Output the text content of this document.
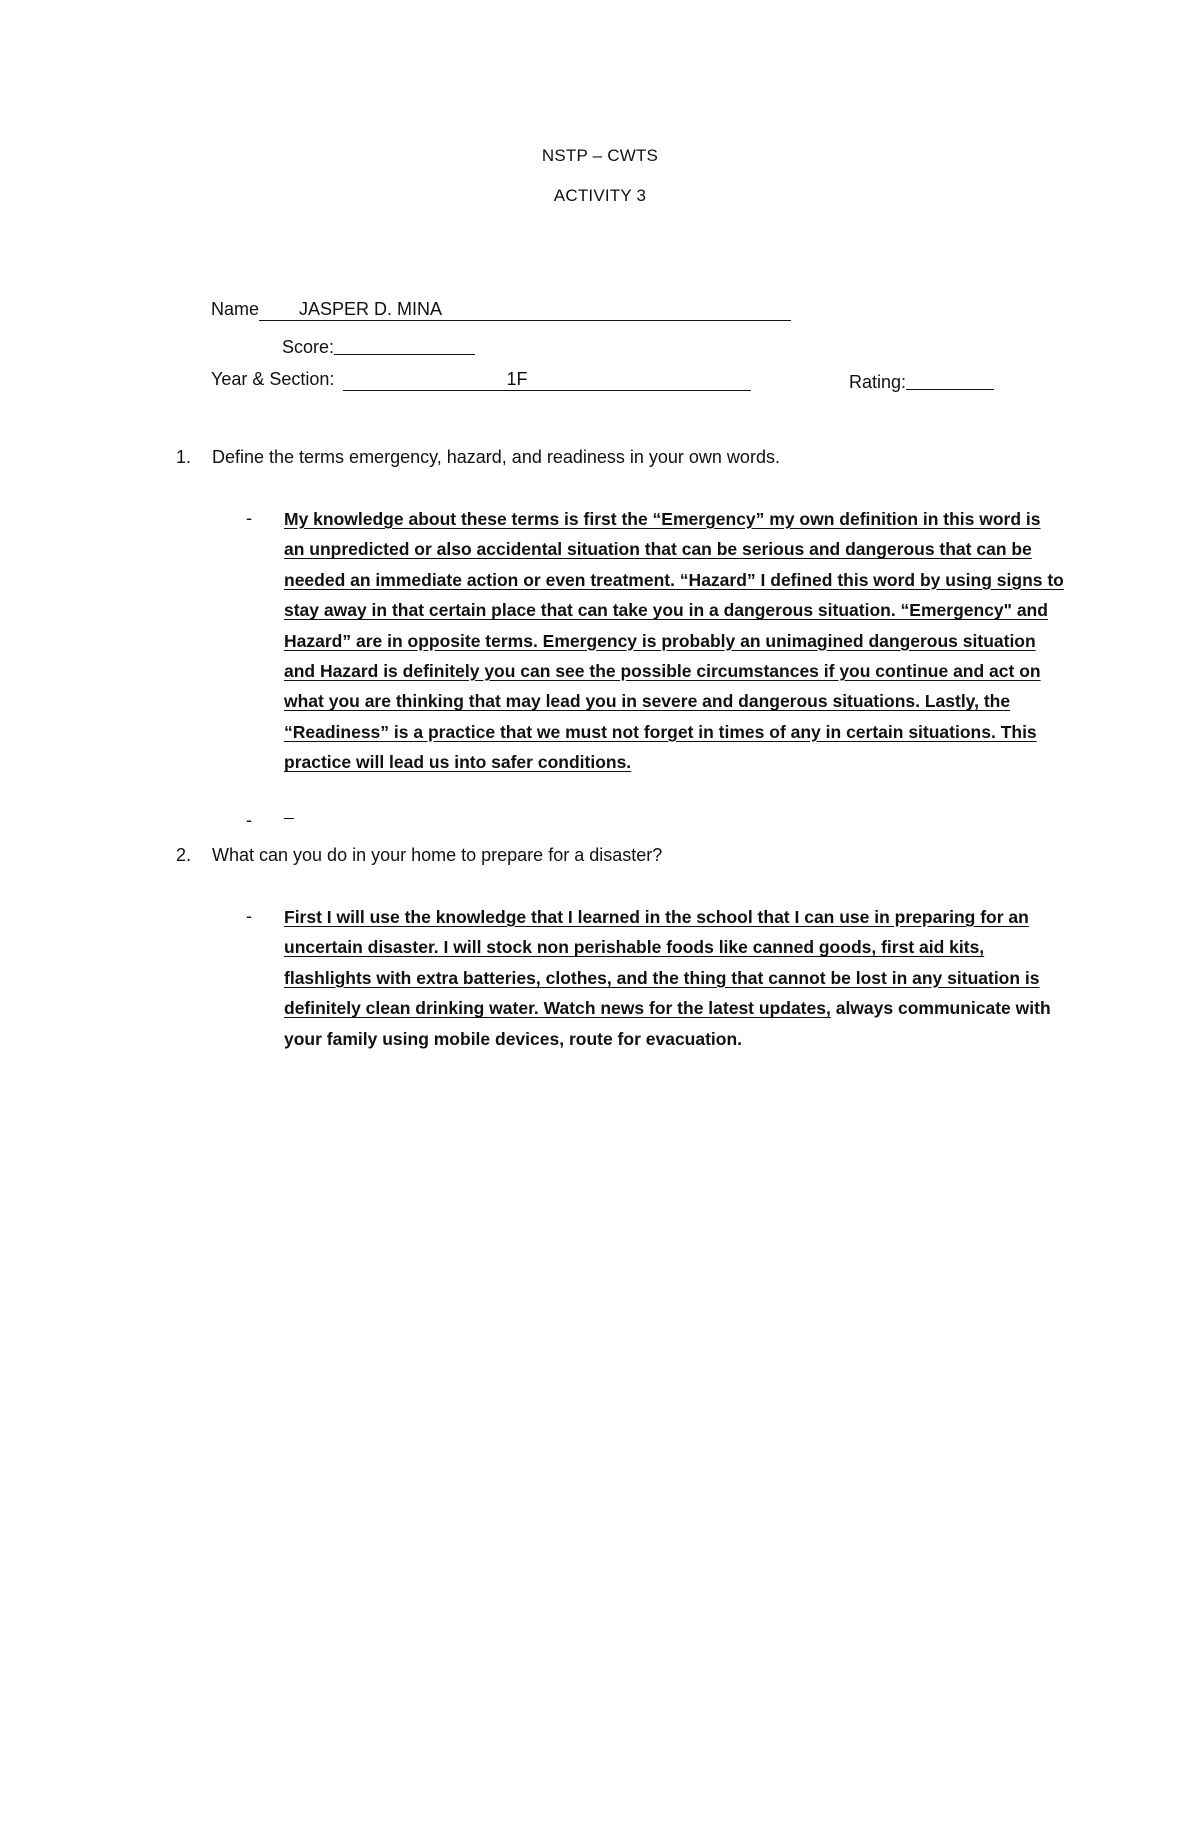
NSTP – CWTS
ACTIVITY 3
Name JASPER D. MINA
Score:
Year & Section:	1F	Rating:
1. Define the terms emergency, hazard, and readiness in your own words.
- My knowledge about these terms is first the “Emergency” my own definition in this word is an unpredicted or also accidental situation that can be serious and dangerous that can be needed an immediate action or even treatment. “Hazard” I defined this word by using signs to stay away in that certain place that can take you in a dangerous situation. “Emergency" and Hazard” are in opposite terms. Emergency is probably an unimagined dangerous situation and Hazard is definitely you can see the possible circumstances if you continue and act on what you are thinking that may lead you in severe and dangerous situations. Lastly, the “Readiness” is a practice that we must not forget in times of any in certain situations. This practice will lead us into safer conditions.
-
2. What can you do in your home to prepare for a disaster?
- First I will use the knowledge that I learned in the school that I can use in preparing for an uncertain disaster. I will stock non perishable foods like canned goods, first aid kits, flashlights with extra batteries, clothes, and the thing that cannot be lost in any situation is definitely clean drinking water. Watch news for the latest updates, always communicate with your family using mobile devices, route for evacuation.
